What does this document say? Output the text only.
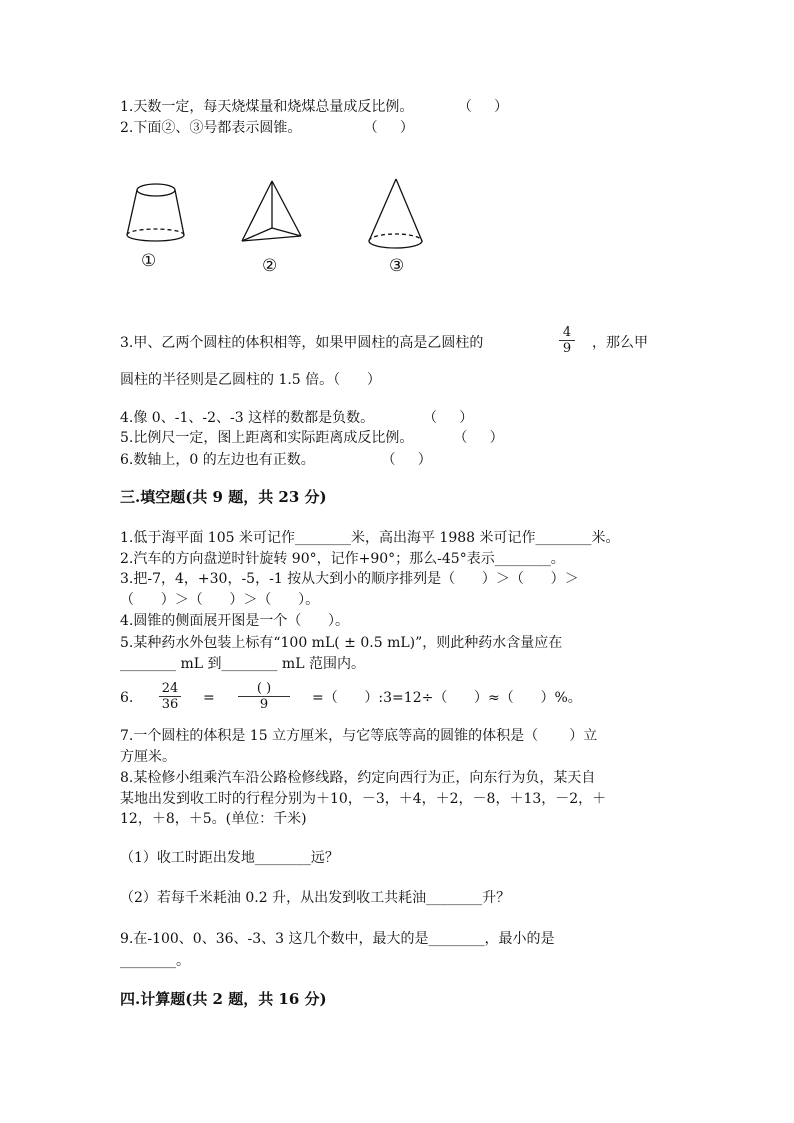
1.天数一定，每天烧煤量和烧煤总量成反比例。          （     ）
2.下面②、③号都表示圆锥。              （     ）
①	②	③
3.甲、乙两个圆柱的体积相等，如果甲圆柱的高是乙圆柱的	$\frac{4}{9}$ ，那么甲
圆柱的半径则是乙圆柱的 1.5 倍。（      ）
4.像 0、-1、-2、-3 这样的数都是负数。           （     ）
5.比例尺一定，图上距离和实际距离成反比例。         （     ）
6.数轴上，0 的左边也有正数。               （     ）
三.填空题(共 9 题，共 23 分)
1.低于海平面 105 米可记作________米，高出海平 1988 米可记作________米。
2.汽车的方向盘逆时针旋转 90°，记作+90°；那么-45°表示________。
3.把-7，4，+30，-5，-1 按从大到小的顺序排列是（      ）＞（      ）＞
（      ）＞（      ）＞（      ）。
4.圆锥的侧面展开图是一个（      ）。
5.某种药水外包装上标有“100 mL( ± 0.5 mL)”，则此种药水含量应在
________ mL 到________ mL 范围内。
6. $\frac{24}{36}$ =
( )
9	=（      ）:3=12÷（      ）≈（      ）%。
7.一个圆柱的体积是 15 立方厘米，与它等底等高的圆锥的体积是（       ）立
方厘米。
8.某检修小组乘汽车沿公路检修线路，约定向西行为正，向东行为负，某天自
某地出发到收工时的行程分别为＋10，－3，＋4，＋2，－8，＋13，－2，＋
12，＋8，＋5。(单位：千米)
（1）收工时距出发地________远？
（2）若每千米耗油 0.2 升，从出发到收工共耗油________升？
9.在-100、0、36、-3、3 这几个数中，最大的是________，最小的是
________。
四.计算题(共 2 题，共 16 分)
